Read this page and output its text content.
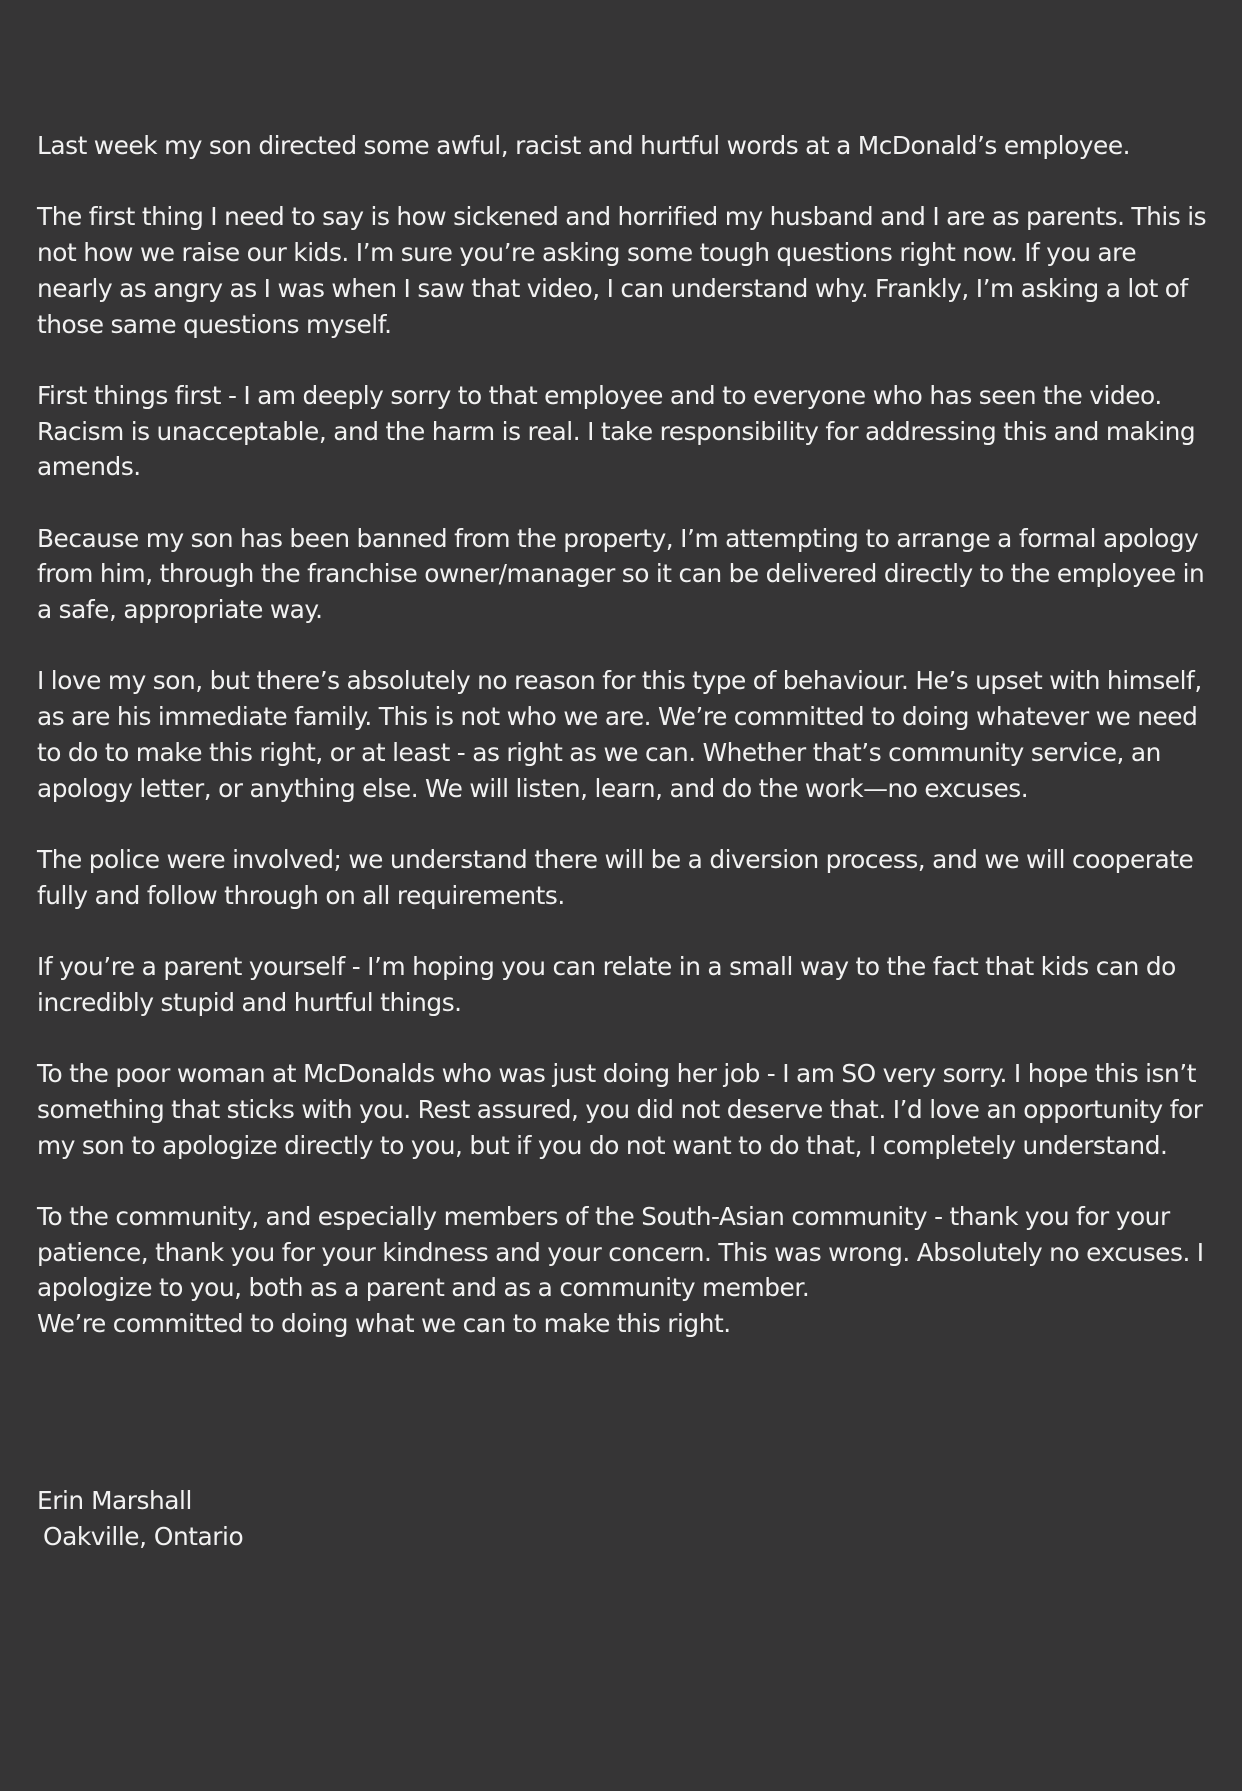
Last week my son directed some awful, racist and hurtful words at a McDonald’s employee.

The first thing I need to say is how sickened and horrified my husband and I are as parents. This is not how we raise our kids. I’m sure you’re asking some tough questions right now. If you are nearly as angry as I was when I saw that video, I can understand why. Frankly, I’m asking a lot of those same questions myself.

First things first - I am deeply sorry to that employee and to everyone who has seen the video. Racism is unacceptable, and the harm is real. I take responsibility for addressing this and making amends.

Because my son has been banned from the property, I’m attempting to arrange a formal apology from him, through the franchise owner/manager so it can be delivered directly to the employee in a safe, appropriate way.

I love my son, but there’s absolutely no reason for this type of behaviour. He’s upset with himself, as are his immediate family. This is not who we are. We’re committed to doing whatever we need to do to make this right, or at least - as right as we can. Whether that’s community service, an apology letter, or anything else. We will listen, learn, and do the work—no excuses.

The police were involved; we understand there will be a diversion process, and we will cooperate fully and follow through on all requirements.

If you’re a parent yourself - I’m hoping you can relate in a small way to the fact that kids can do incredibly stupid and hurtful things.

To the poor woman at McDonalds who was just doing her job - I am SO very sorry. I hope this isn’t something that sticks with you. Rest assured, you did not deserve that. I’d love an opportunity for my son to apologize directly to you, but if you do not want to do that, I completely understand.

To the community, and especially members of the South-Asian community - thank you for your patience, thank you for your kindness and your concern. This was wrong. Absolutely no excuses. I apologize to you, both as a parent and as a community member.
We’re committed to doing what we can to make this right.

Erin Marshall
Oakville, Ontario
